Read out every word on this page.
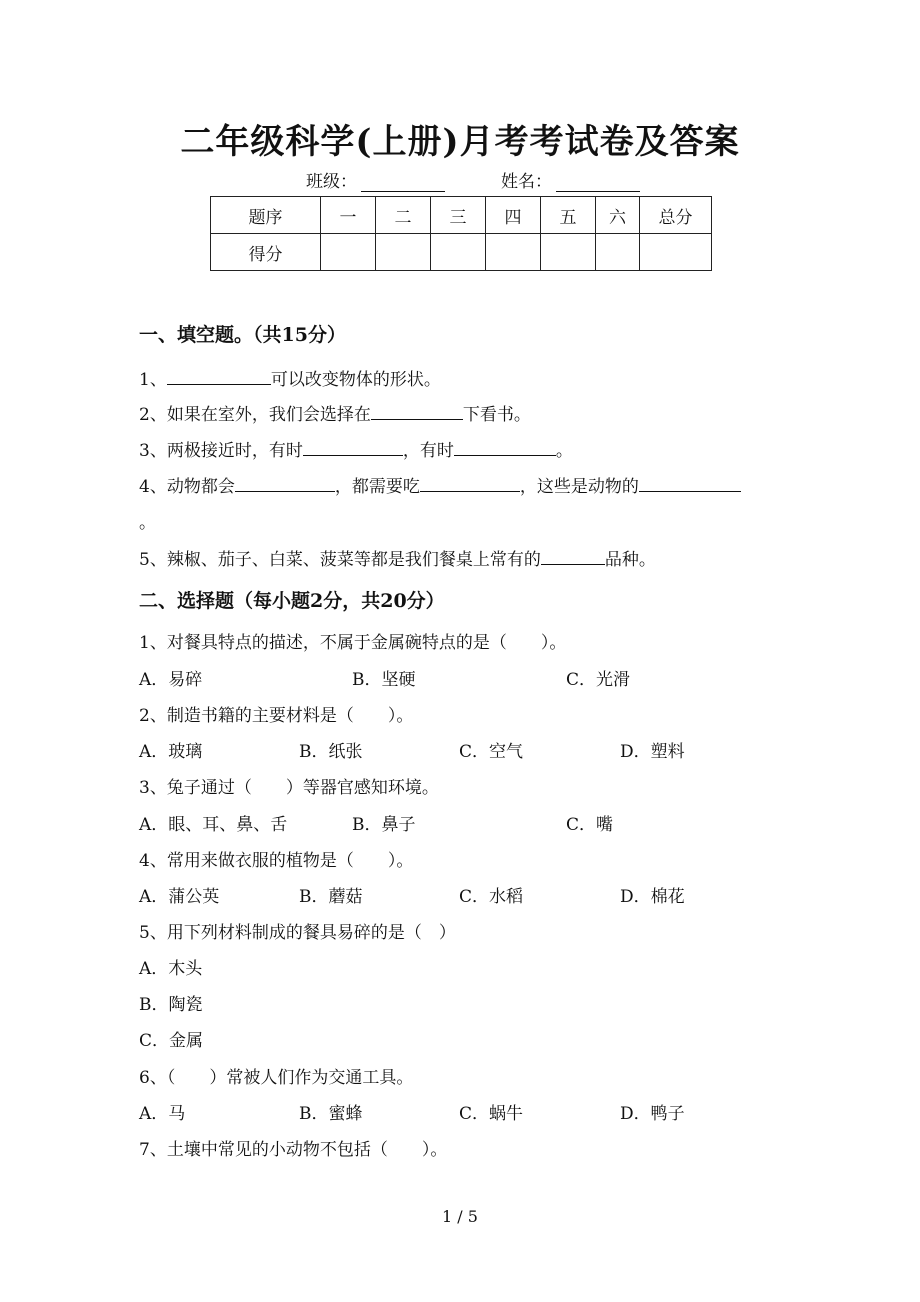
二年级科学(上册)月考考试卷及答案
班级：	姓名：
题序	一	二	三	四	五	六	总分
得分							
一、填空题。（共15分）
1、	可以改变物体的形状。
2、如果在室外，我们会选择在	下看书。
3、两极接近时，有时	，有时	。
4、动物都会	，都需要吃	，这些是动物的
。
5、辣椒、茄子、白菜、菠菜等都是我们餐桌上常有的	品种。
二、选择题（每小题2分，共20分）
1、对餐具特点的描述，不属于金属碗特点的是（　　）。
A．易碎	B．坚硬	C．光滑
2、制造书籍的主要材料是（　　）。
A．玻璃	B．纸张	C．空气	D．塑料
3、兔子通过（　　）等器官感知环境。
A．眼、耳、鼻、舌	B．鼻子	C．嘴
4、常用来做衣服的植物是（　　）。
A．蒲公英	B．蘑菇	C．水稻	D．棉花
5、用下列材料制成的餐具易碎的是（　）
A．木头
B．陶瓷
C．金属
6、（　　）常被人们作为交通工具。
A．马	B．蜜蜂	C．蜗牛	D．鸭子
7、土壤中常见的小动物不包括（　　）。
1 / 5
